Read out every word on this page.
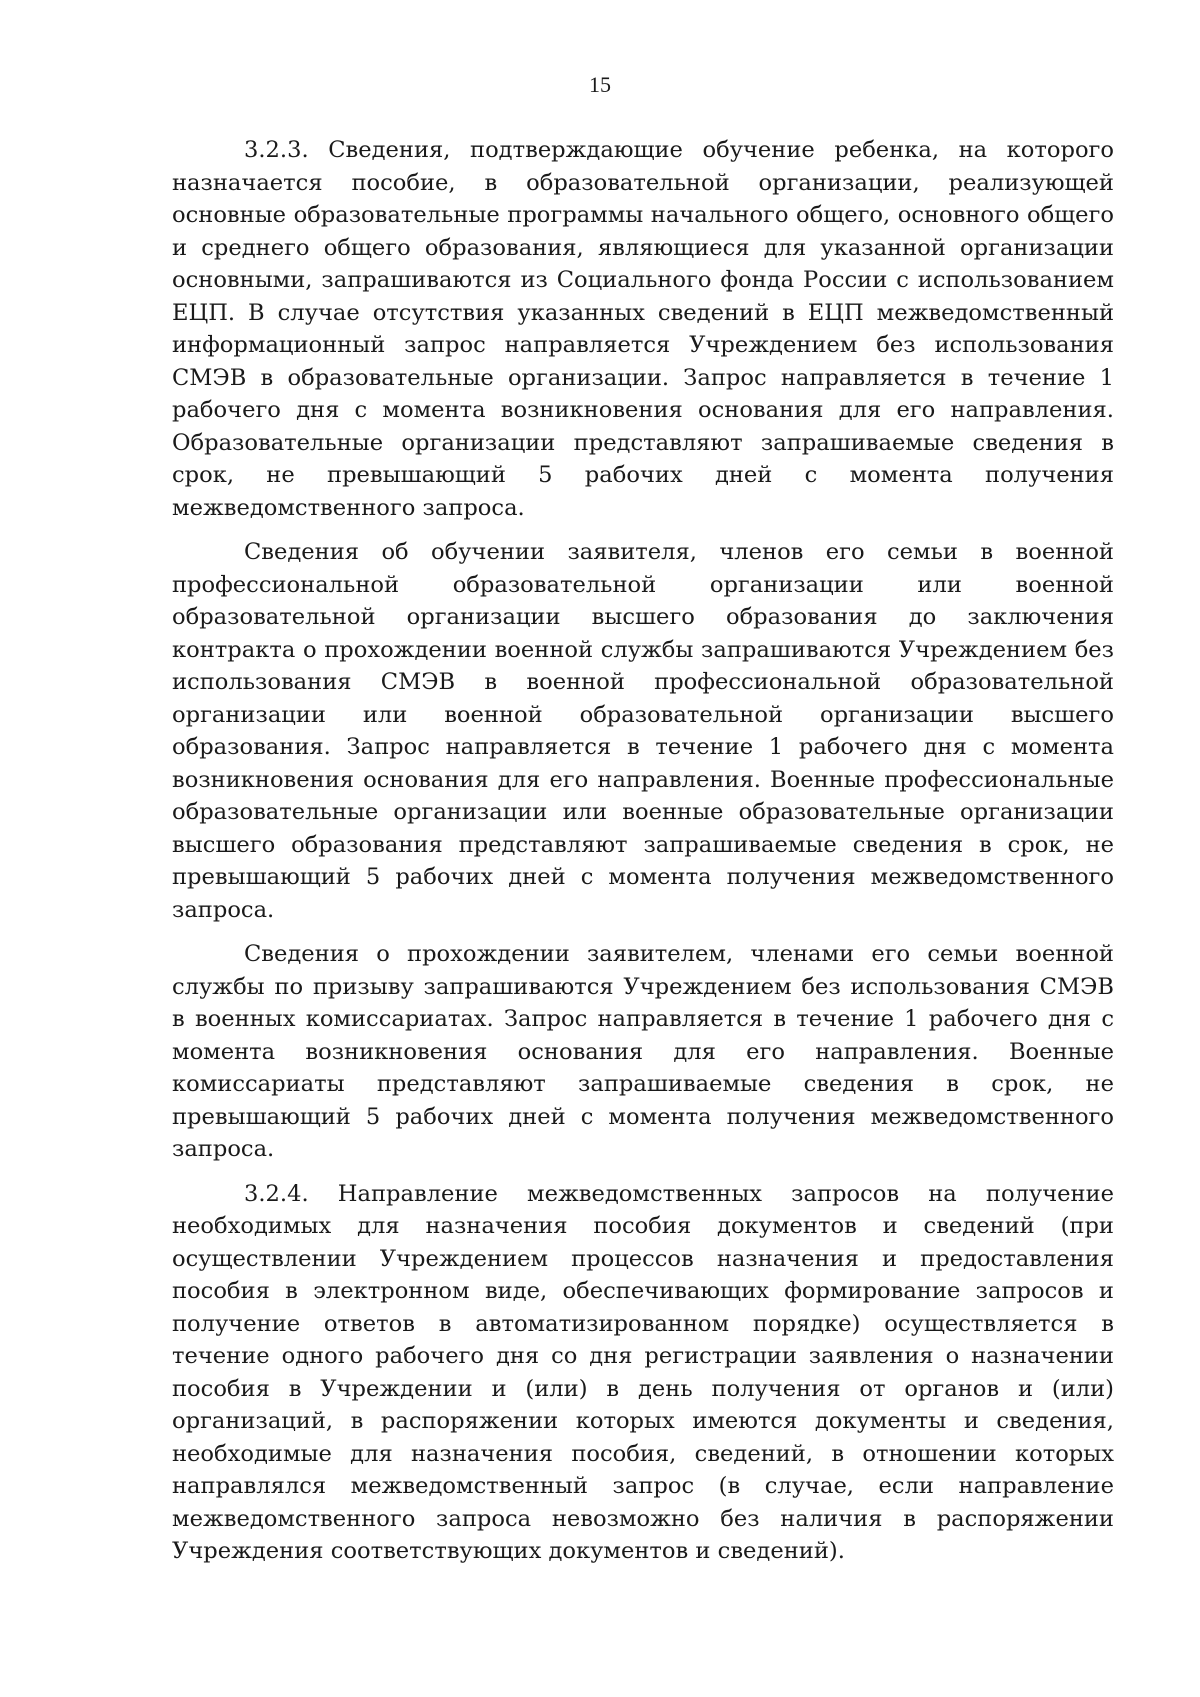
15

3.2.3. Сведения, подтверждающие обучение ребенка, на которого назначается пособие, в образовательной организации, реализующей основные образовательные программы начального общего, основного общего и среднего общего образования, являющиеся для указанной организации основными, запрашиваются из Социального фонда России с использованием ЕЦП. В случае отсутствия указанных сведений в ЕЦП межведомственный информационный запрос направляется Учреждением без использования СМЭВ в образовательные организации. Запрос направляется в течение 1 рабочего дня с момента возникновения основания для его направления. Образовательные организации представляют запрашиваемые сведения в срок, не превышающий 5 рабочих дней с момента получения межведомственного запроса.

Сведения об обучении заявителя, членов его семьи в военной профессиональной образовательной организации или военной образовательной организации высшего образования до заключения контракта о прохождении военной службы запрашиваются Учреждением без использования СМЭВ в военной профессиональной образовательной организации или военной образовательной организации высшего образования. Запрос направляется в течение 1 рабочего дня с момента возникновения основания для его направления. Военные профессиональные образовательные организации или военные образовательные организации высшего образования представляют запрашиваемые сведения в срок, не превышающий 5 рабочих дней с момента получения межведомственного запроса.

Сведения о прохождении заявителем, членами его семьи военной службы по призыву запрашиваются Учреждением без использования СМЭВ в военных комиссариатах. Запрос направляется в течение 1 рабочего дня с момента возникновения основания для его направления. Военные комиссариаты представляют запрашиваемые сведения в срок, не превышающий 5 рабочих дней с момента получения межведомственного запроса.

3.2.4. Направление межведомственных запросов на получение необходимых для назначения пособия документов и сведений (при осуществлении Учреждением процессов назначения и предоставления пособия в электронном виде, обеспечивающих формирование запросов и получение ответов в автоматизированном порядке) осуществляется в течение одного рабочего дня со дня регистрации заявления о назначении пособия в Учреждении и (или) в день получения от органов и (или) организаций, в распоряжении которых имеются документы и сведения, необходимые для назначения пособия, сведений, в отношении которых направлялся межведомственный запрос (в случае, если направление межведомственного запроса невозможно без наличия в распоряжении Учреждения соответствующих документов и сведений).
